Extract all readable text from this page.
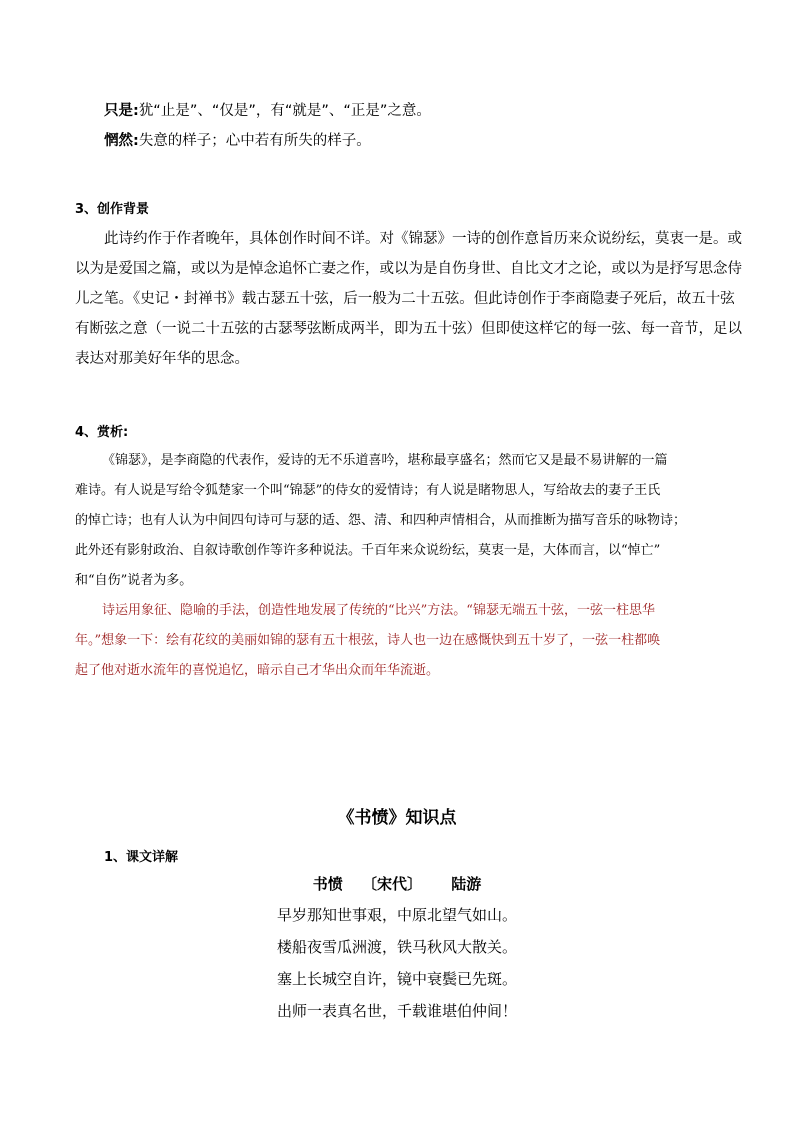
只是:犹“止是”、“仅是”，有“就是”、“正是”之意。
惘然:失意的样子；心中若有所失的样子。
3、创作背景
此诗约作于作者晚年，具体创作时间不详。对《锦瑟》一诗的创作意旨历来众说纷纭，莫衷一是。或
以为是爱国之篇，或以为是悼念追怀亡妻之作，或以为是自伤身世、自比文才之论，或以为是抒写思念侍
儿之笔。《史记・封禅书》载古瑟五十弦，后一般为二十五弦。但此诗创作于李商隐妻子死后，故五十弦
有断弦之意（一说二十五弦的古瑟琴弦断成两半，即为五十弦）但即使这样它的每一弦、每一音节，足以
表达对那美好年华的思念。
4、赏析:
《锦瑟》，是李商隐的代表作，爱诗的无不乐道喜吟，堪称最享盛名；然而它又是最不易讲解的一篇
难诗。有人说是写给令狐楚家一个叫“锦瑟”的侍女的爱情诗；有人说是睹物思人，写给故去的妻子王氏
的悼亡诗；也有人认为中间四句诗可与瑟的适、怨、清、和四种声情相合，从而推断为描写音乐的咏物诗；
此外还有影射政治、自叙诗歌创作等许多种说法。千百年来众说纷纭，莫衷一是，大体而言，以“悼亡”
和“自伤”说者为多。
诗运用象征、隐喻的手法，创造性地发展了传统的“比兴”方法。“锦瑟无端五十弦，一弦一柱思华
年。”想象一下：绘有花纹的美丽如锦的瑟有五十根弦，诗人也一边在感慨快到五十岁了，一弦一柱都唤
起了他对逝水流年的喜悦追忆，暗示自己才华出众而年华流逝。
《书愤》知识点
1、课文详解
书愤 〔宋代〕 陆游
早岁那知世事艰，中原北望气如山。
楼船夜雪瓜洲渡，铁马秋风大散关。
塞上长城空自许，镜中衰鬓已先斑。
出师一表真名世，千载谁堪伯仲间！
